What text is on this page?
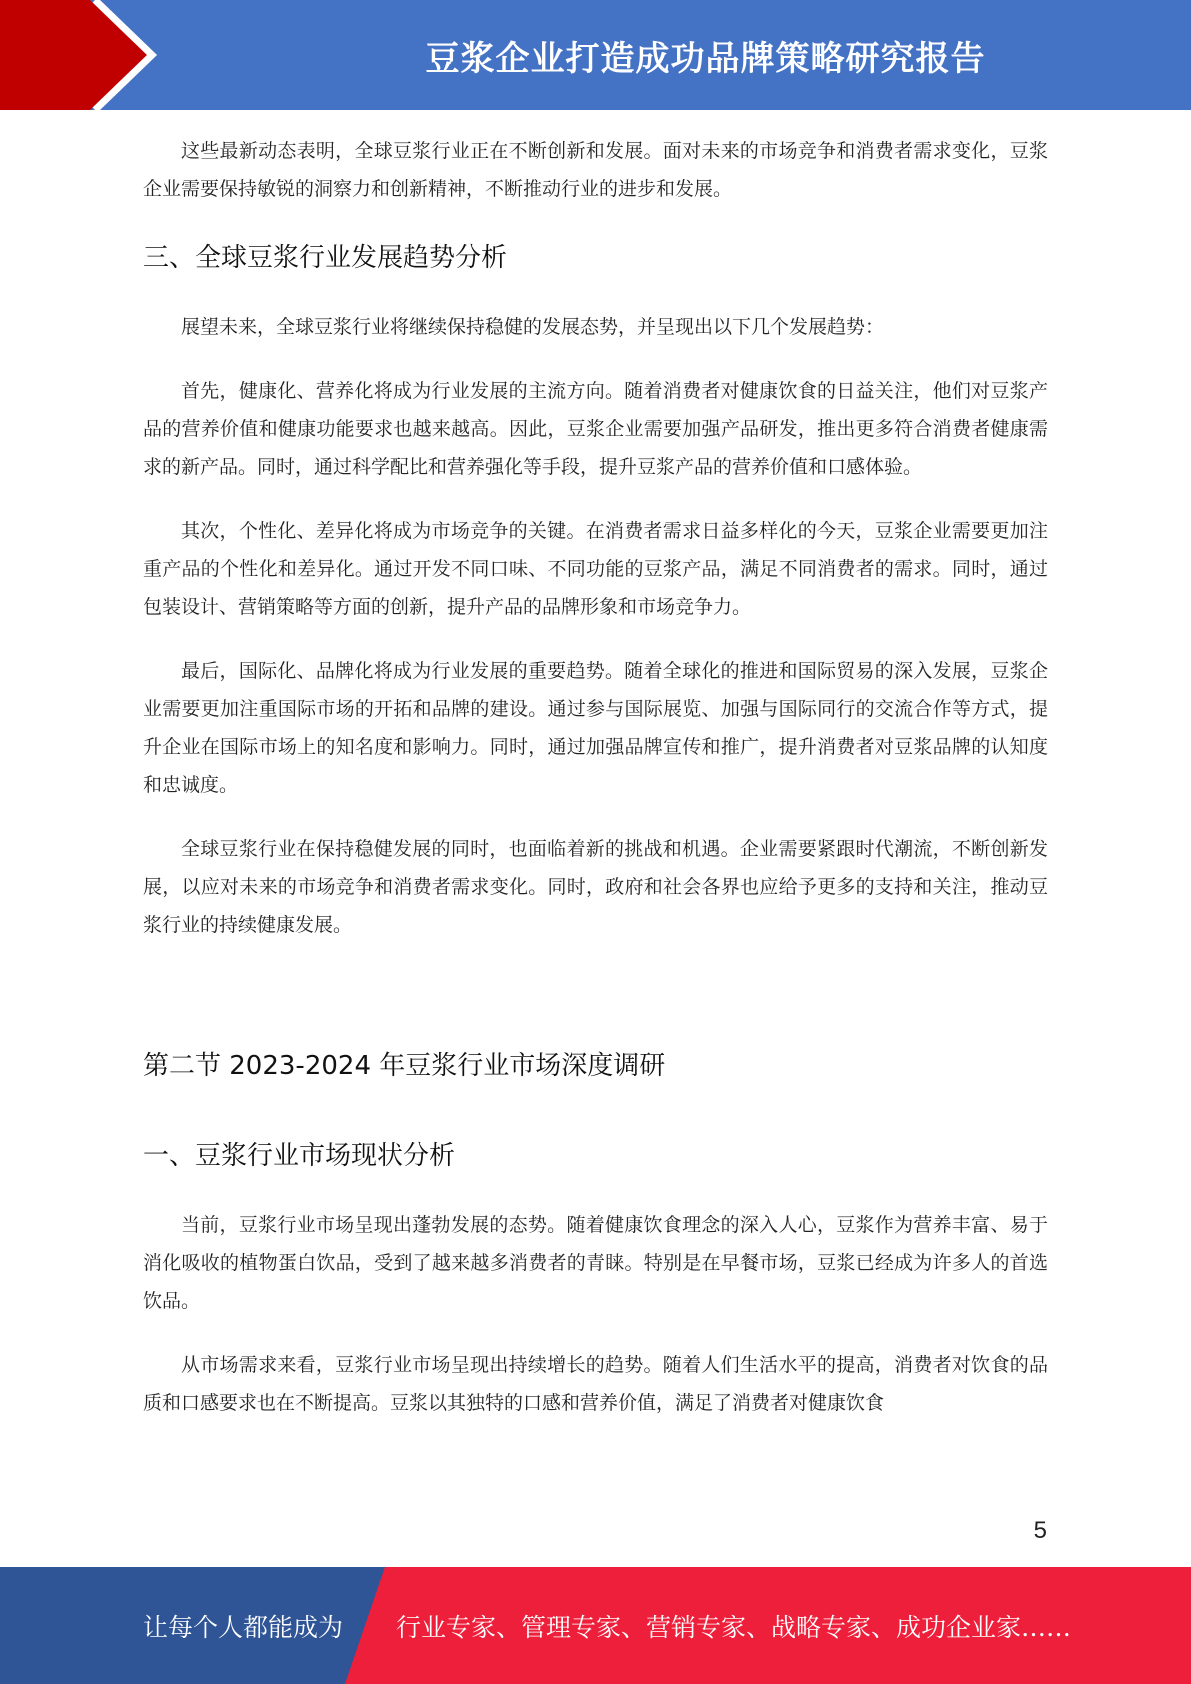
豆浆企业打造成功品牌策略研究报告

这些最新动态表明，全球豆浆行业正在不断创新和发展。面对未来的市场竞争和消费者需求变化，豆浆企业需要保持敏锐的洞察力和创新精神，不断推动行业的进步和发展。

三、全球豆浆行业发展趋势分析

展望未来，全球豆浆行业将继续保持稳健的发展态势，并呈现出以下几个发展趋势：

首先，健康化、营养化将成为行业发展的主流方向。随着消费者对健康饮食的日益关注，他们对豆浆产品的营养价值和健康功能要求也越来越高。因此，豆浆企业需要加强产品研发，推出更多符合消费者健康需求的新产品。同时，通过科学配比和营养强化等手段，提升豆浆产品的营养价值和口感体验。

其次，个性化、差异化将成为市场竞争的关键。在消费者需求日益多样化的今天，豆浆企业需要更加注重产品的个性化和差异化。通过开发不同口味、不同功能的豆浆产品，满足不同消费者的需求。同时，通过包装设计、营销策略等方面的创新，提升产品的品牌形象和市场竞争力。

最后，国际化、品牌化将成为行业发展的重要趋势。随着全球化的推进和国际贸易的深入发展，豆浆企业需要更加注重国际市场的开拓和品牌的建设。通过参与国际展览、加强与国际同行的交流合作等方式，提升企业在国际市场上的知名度和影响力。同时，通过加强品牌宣传和推广，提升消费者对豆浆品牌的认知度和忠诚度。

全球豆浆行业在保持稳健发展的同时，也面临着新的挑战和机遇。企业需要紧跟时代潮流，不断创新发展，以应对未来的市场竞争和消费者需求变化。同时，政府和社会各界也应给予更多的支持和关注，推动豆浆行业的持续健康发展。

第二节 2023-2024 年豆浆行业市场深度调研
一、豆浆行业市场现状分析

当前，豆浆行业市场呈现出蓬勃发展的态势。随着健康饮食理念的深入人心，豆浆作为营养丰富、易于消化吸收的植物蛋白饮品，受到了越来越多消费者的青睐。特别是在早餐市场，豆浆已经成为许多人的首选饮品。

从市场需求来看，豆浆行业市场呈现出持续增长的趋势。随着人们生活水平的提高，消费者对饮食的品质和口感要求也在不断提高。豆浆以其独特的口感和营养价值，满足了消费者对健康饮食

5
让每个人都能成为 行业专家、管理专家、营销专家、战略专家、成功企业家……
